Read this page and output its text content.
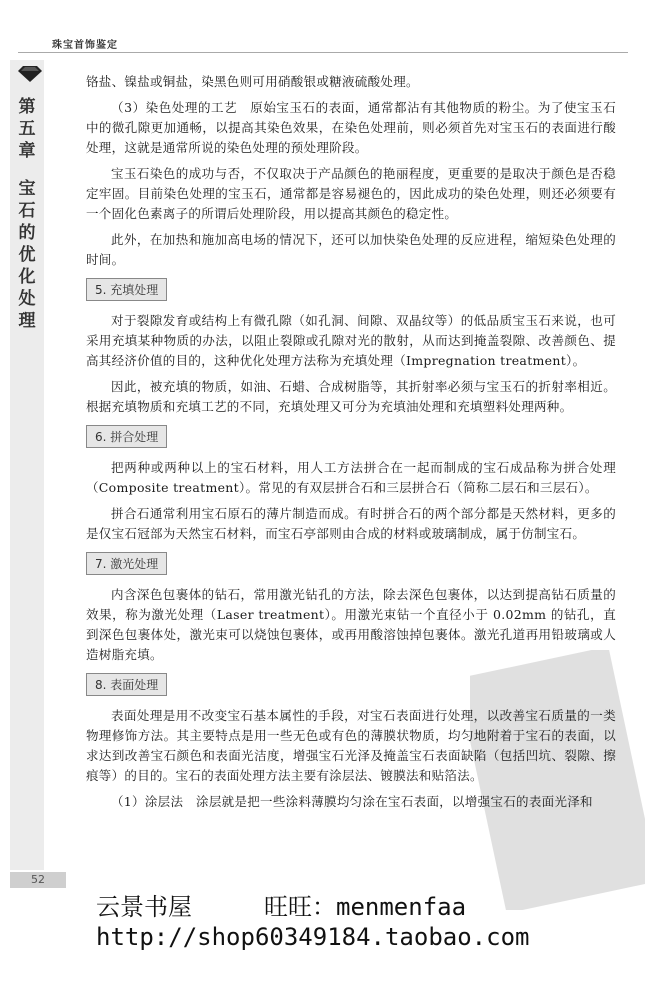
珠宝首饰鉴定
第五章
宝石的优化处理

铬盐、镍盐或铜盐，染黑色则可用硝酸银或糖液硫酸处理。

（3）染色处理的工艺　原始宝玉石的表面，通常都沾有其他物质的粉尘。为了使宝玉石中的微孔隙更加通畅，以提高其染色效果，在染色处理前，则必须首先对宝玉石的表面进行酸处理，这就是通常所说的染色处理的预处理阶段。

宝玉石染色的成功与否，不仅取决于产品颜色的艳丽程度，更重要的是取决于颜色是否稳定牢固。目前染色处理的宝玉石，通常都是容易褪色的，因此成功的染色处理，则还必须要有一个固化色素离子的所谓后处理阶段，用以提高其颜色的稳定性。

此外，在加热和施加高电场的情况下，还可以加快染色处理的反应进程，缩短染色处理的时间。

5. 充填处理

对于裂隙发育或结构上有微孔隙（如孔洞、间隙、双晶纹等）的低品质宝玉石来说，也可采用充填某种物质的办法，以阻止裂隙或孔隙对光的散射，从而达到掩盖裂隙、改善颜色、提高其经济价值的目的，这种优化处理方法称为充填处理（Impregnation treatment）。

因此，被充填的物质，如油、石蜡、合成树脂等，其折射率必须与宝玉石的折射率相近。根据充填物质和充填工艺的不同，充填处理又可分为充填油处理和充填塑料处理两种。

6. 拼合处理

把两种或两种以上的宝石材料，用人工方法拼合在一起而制成的宝石成品称为拼合处理（Composite treatment）。常见的有双层拼合石和三层拼合石（简称二层石和三层石）。

拼合石通常利用宝石原石的薄片制造而成。有时拼合石的两个部分都是天然材料，更多的是仅宝石冠部为天然宝石材料，而宝石亭部则由合成的材料或玻璃制成，属于仿制宝石。

7. 激光处理

内含深色包裹体的钻石，常用激光钻孔的方法，除去深色包裹体，以达到提高钻石质量的效果，称为激光处理（Laser treatment）。用激光束钻一个直径小于 0.02mm 的钻孔，直到深色包裹体处，激光束可以烧蚀包裹体，或再用酸溶蚀掉包裹体。激光孔道再用铅玻璃或人造树脂充填。

8. 表面处理

表面处理是用不改变宝石基本属性的手段，对宝石表面进行处理，以改善宝石质量的一类物理修饰方法。其主要特点是用一些无色或有色的薄膜状物质，均匀地附着于宝石的表面，以求达到改善宝石颜色和表面光洁度，增强宝石光泽及掩盖宝石表面缺陷（包括凹坑、裂隙、擦痕等）的目的。宝石的表面处理方法主要有涂层法、镀膜法和贴箔法。

（1）涂层法　涂层就是把一些涂料薄膜均匀涂在宝石表面，以增强宝石的表面光泽和

52
云景书屋　　　旺旺：menmenfaa
http://shop60349184.taobao.com
